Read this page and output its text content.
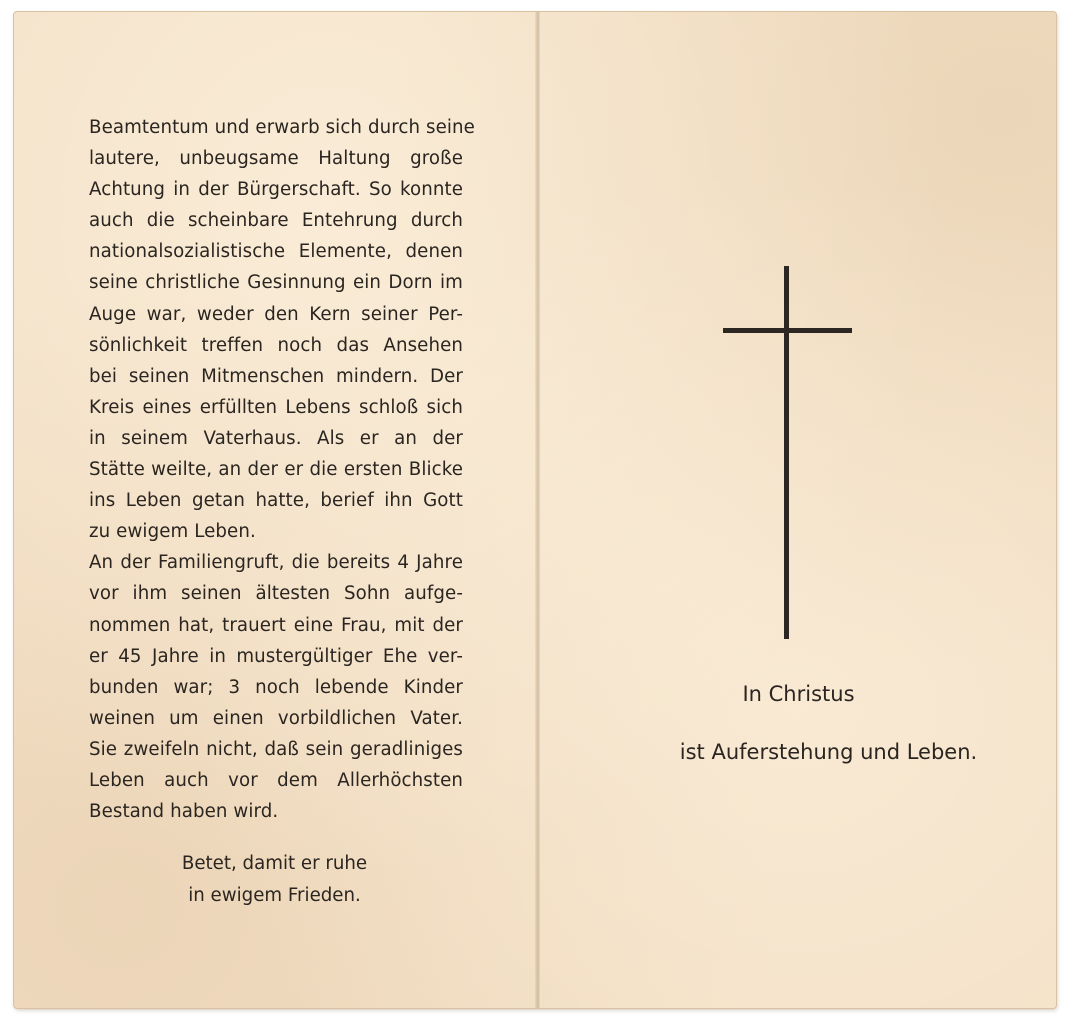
Beamtentum und erwarb sich durch seine
lautere, unbeugsame Haltung große
Achtung in der Bürgerschaft. So konnte
auch die scheinbare Entehrung durch
nationalsozialistische Elemente, denen
seine christliche Gesinnung ein Dorn im
Auge war, weder den Kern seiner Per-
sönlichkeit treffen noch das Ansehen
bei seinen Mitmenschen mindern. Der
Kreis eines erfüllten Lebens schloß sich
in seinem Vaterhaus. Als er an der
Stätte weilte, an der er die ersten Blicke
ins Leben getan hatte, berief ihn Gott
zu ewigem Leben.
An der Familiengruft, die bereits 4 Jahre
vor ihm seinen ältesten Sohn aufge-
nommen hat, trauert eine Frau, mit der
er 45 Jahre in mustergültiger Ehe ver-
bunden war; 3 noch lebende Kinder
weinen um einen vorbildlichen Vater.
Sie zweifeln nicht, daß sein geradliniges
Leben auch vor dem Allerhöchsten
Bestand haben wird.
Betet, damit er ruhe
in ewigem Frieden.
In Christus
ist Auferstehung und Leben.
